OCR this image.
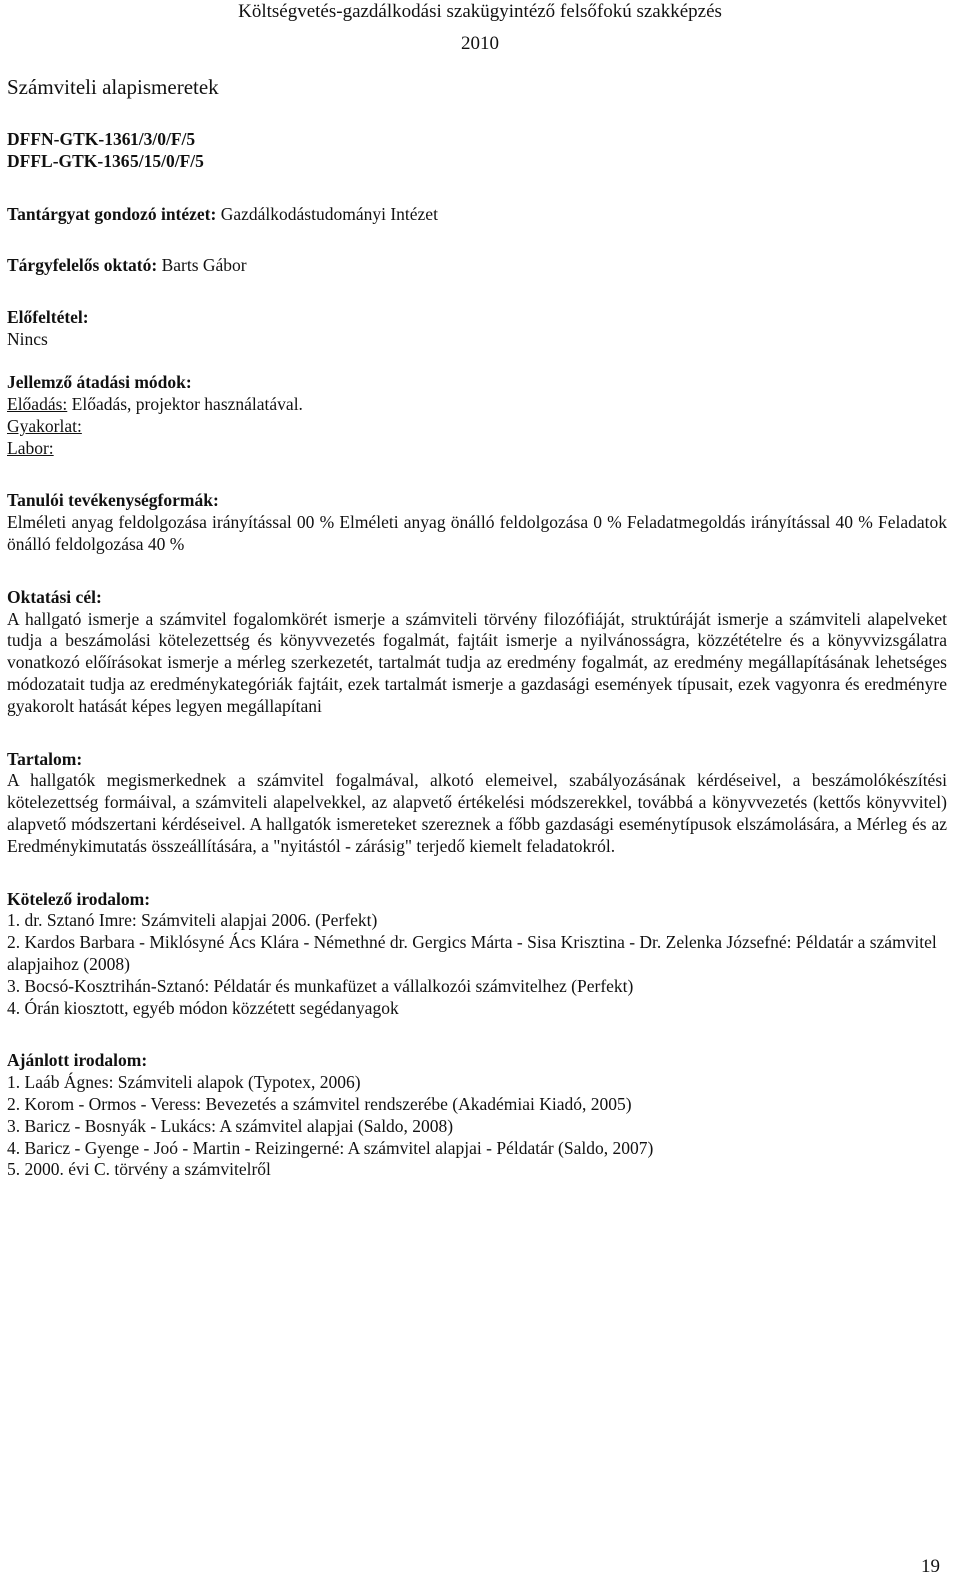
Költségvetés-gazdálkodási szakügyintéző felsőfokú szakképzés
2010
Számviteli alapismeretek
DFFN-GTK-1361/3/0/F/5
DFFL-GTK-1365/15/0/F/5
Tantárgyat gondozó intézet: Gazdálkodástudományi Intézet
Tárgyfelelős oktató: Barts Gábor
Előfeltétel:
Nincs
Jellemző átadási módok:
Előadás: Előadás, projektor használatával.
Gyakorlat:
Labor:
Tanulói tevékenységformák:
Elméleti anyag feldolgozása irányítással 00 % Elméleti anyag önálló feldolgozása 0 % Feladatmegoldás irányítással 40 % Feladatok önálló feldolgozása 40 %
Oktatási cél:
A hallgató ismerje a számvitel fogalomkörét ismerje a számviteli törvény filozófiáját, struktúráját ismerje a számviteli alapelveket tudja a beszámolási kötelezettség és könyvvezetés fogalmát, fajtáit ismerje a nyilvánosságra, közzétételre és a könyvvizsgálatra vonatkozó előírásokat ismerje a mérleg szerkezetét, tartalmát tudja az eredmény fogalmát, az eredmény megállapításának lehetséges módozatait tudja az eredménykategóriák fajtáit, ezek tartalmát ismerje a gazdasági események típusait, ezek vagyonra és eredményre gyakorolt hatását képes legyen megállapítani
Tartalom:
A hallgatók megismerkednek a számvitel fogalmával, alkotó elemeivel, szabályozásának kérdéseivel, a beszámolókészítési kötelezettség formáival, a számviteli alapelvekkel, az alapvető értékelési módszerekkel, továbbá a könyvvezetés (kettős könyvvitel) alapvető módszertani kérdéseivel. A hallgatók ismereteket szereznek a főbb gazdasági eseménytípusok elszámolására, a Mérleg és az Eredménykimutatás összeállítására, a "nyitástól - zárásig" terjedő kiemelt feladatokról.
Kötelező irodalom:
1. dr. Sztanó Imre: Számviteli alapjai 2006. (Perfekt)
2. Kardos Barbara - Miklósyné Ács Klára - Némethné dr. Gergics Márta - Sisa Krisztina - Dr. Zelenka Józsefné: Példatár a számvitel alapjaihoz (2008)
3. Bocsó-Kosztrihán-Sztanó: Példatár és munkafüzet a vállalkozói számvitelhez (Perfekt)
4. Órán kiosztott, egyéb módon közzétett segédanyagok
Ajánlott irodalom:
1. Laáb Ágnes: Számviteli alapok (Typotex, 2006)
2. Korom - Ormos - Veress: Bevezetés a számvitel rendszerébe (Akadémiai Kiadó, 2005)
3. Baricz - Bosnyák - Lukács: A számvitel alapjai (Saldo, 2008)
4. Baricz - Gyenge - Joó - Martin - Reizingerné: A számvitel alapjai - Példatár (Saldo, 2007)
5. 2000. évi C. törvény a számvitelről
19
